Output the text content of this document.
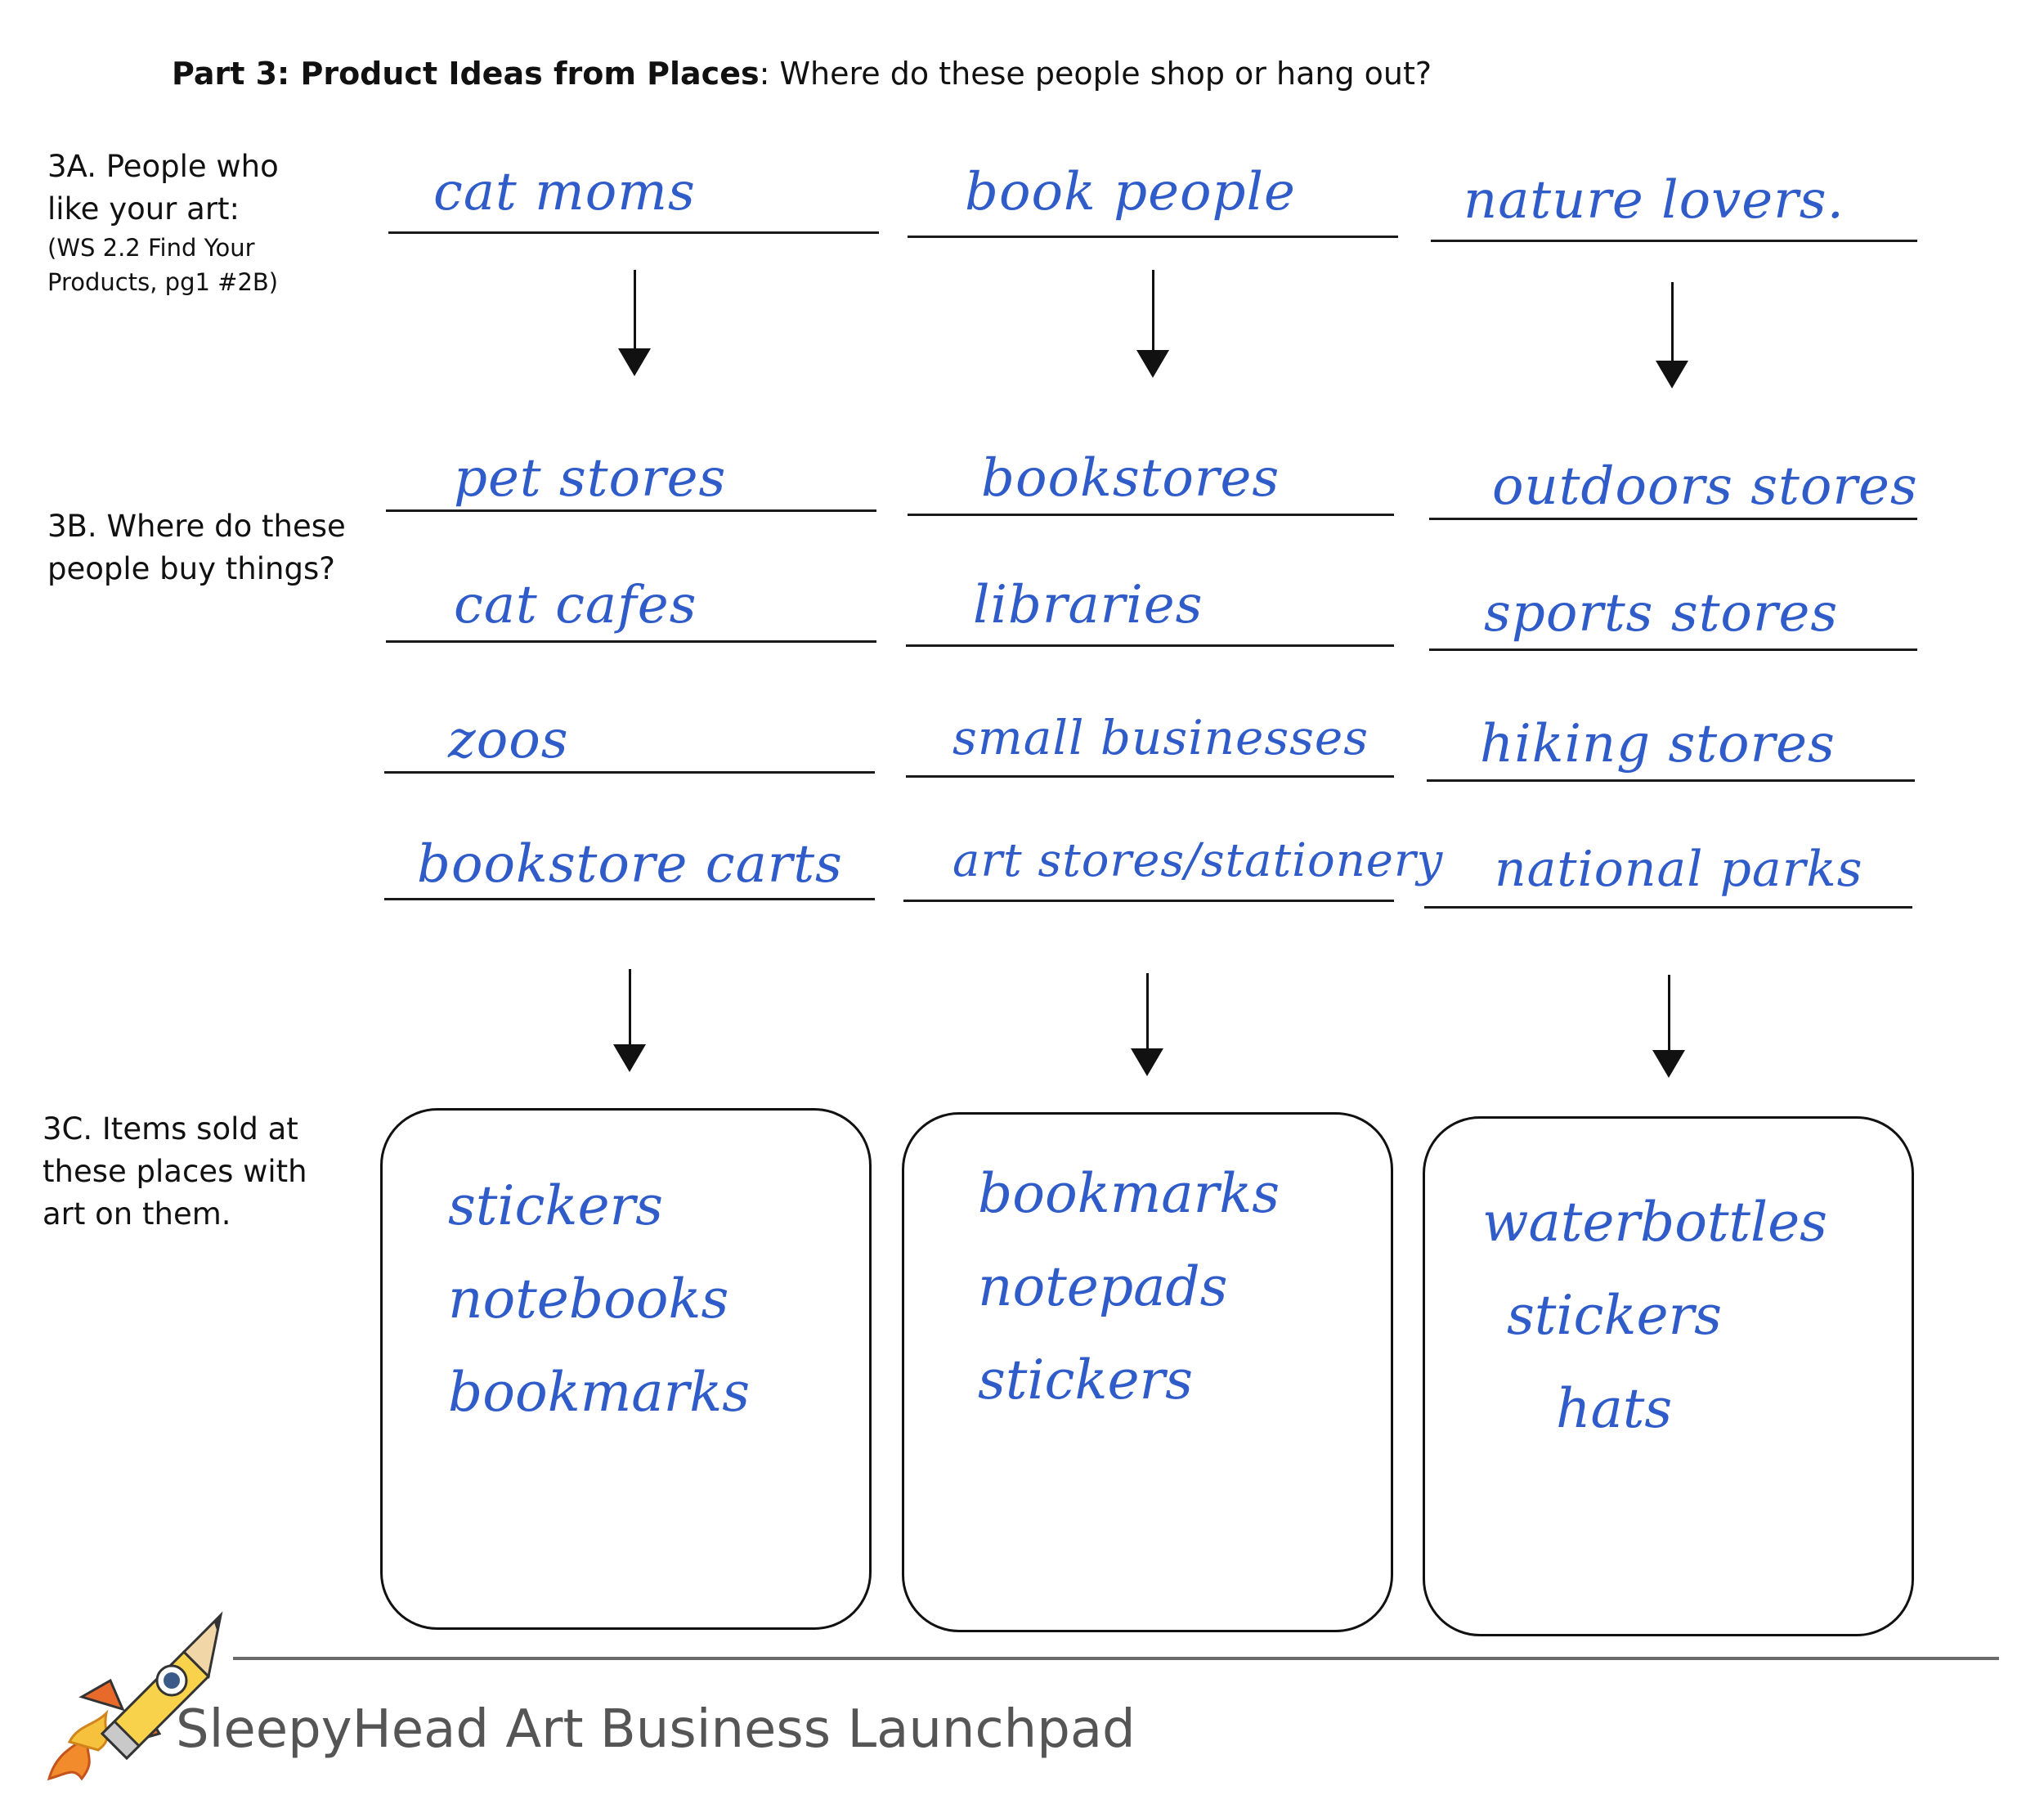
Part 3: Product Ideas from Places: Where do these people shop or hang out?
3A. People who
like your art:
(WS 2.2 Find Your
Products, pg1 #2B)
3B. Where do these
people buy things?
3C. Items sold at
these places with
art on them.
cat moms
pet stores
cat cafes
zoos
bookstore carts
stickers
notebooks
bookmarks
book people
bookstores
libraries
small businesses
art stores/stationery
bookmarks
notepads
stickers
nature lovers.
outdoors stores
sports stores
hiking stores
national parks
waterbottles
stickers
hats
SleepyHead Art Business Launchpad
